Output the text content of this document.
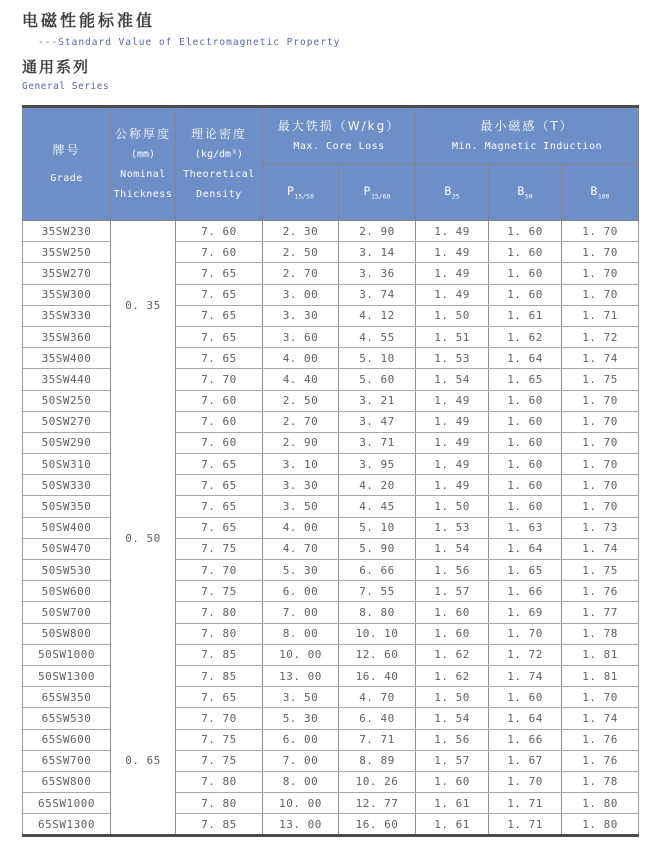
电磁性能标准值
---Standard Value of Electromagnetic Property
通用系列
General Series
牌号
Grade

公称厚度
(mm)
Nominal
Thickness

理论密度
(kg/dm³)
Theoretical
Density

最大铁损（W/kg）
Max. Core Loss

最小磁感（T）
Min. Magnetic Induction

			$P_{15/50}$	$P_{15/60}$	$B_{25}$	$B_{50}$	$B_{100}$
35SW230	0. 35	7. 60	2. 30	2. 90	1. 49	1. 60	1. 70
35SW250		7. 60	2. 50	3. 14	1. 49	1. 60	1. 70
35SW270		7. 65	2. 70	3. 36	1. 49	1. 60	1. 70
35SW300		7. 65	3. 00	3. 74	1. 49	1. 60	1. 70
35SW330		7. 65	3. 30	4. 12	1. 50	1. 61	1. 71
35SW360		7. 65	3. 60	4. 55	1. 51	1. 62	1. 72
35SW400		7. 65	4. 00	5. 10	1. 53	1. 64	1. 74
35SW440		7. 70	4. 40	5. 60	1. 54	1. 65	1. 75
50SW250	0. 50	7. 60	2. 50	3. 21	1. 49	1. 60	1. 70
50SW270		7. 60	2. 70	3. 47	1. 49	1. 60	1. 70
50SW290		7. 60	2. 90	3. 71	1. 49	1. 60	1. 70
50SW310		7. 65	3. 10	3. 95	1. 49	1. 60	1. 70
50SW330		7. 65	3. 30	4. 20	1. 49	1. 60	1. 70
50SW350		7. 65	3. 50	4. 45	1. 50	1. 60	1. 70
50SW400		7. 65	4. 00	5. 10	1. 53	1. 63	1. 73
50SW470		7. 75	4. 70	5. 90	1. 54	1. 64	1. 74
50SW530		7. 70	5. 30	6. 66	1. 56	1. 65	1. 75
50SW600		7. 75	6. 00	7. 55	1. 57	1. 66	1. 76
50SW700		7. 80	7. 00	8. 80	1. 60	1. 69	1. 77
50SW800		7. 80	8. 00	10. 10	1. 60	1. 70	1. 78
50SW1000		7. 85	10. 00	12. 60	1. 62	1. 72	1. 81
50SW1300		7. 85	13. 00	16. 40	1. 62	1. 74	1. 81
65SW350	0. 65	7. 65	3. 50	4. 70	1. 50	1. 60	1. 70
65SW530		7. 70	5. 30	6. 40	1. 54	1. 64	1. 74
65SW600		7. 75	6. 00	7. 71	1. 56	1. 66	1. 76
65SW700		7. 75	7. 00	8. 89	1. 57	1. 67	1. 76
65SW800		7. 80	8. 00	10. 26	1. 60	1. 70	1. 78
65SW1000		7. 80	10. 00	12. 77	1. 61	1. 71	1. 80
65SW1300		7. 85	13. 00	16. 60	1. 61	1. 71	1. 80
